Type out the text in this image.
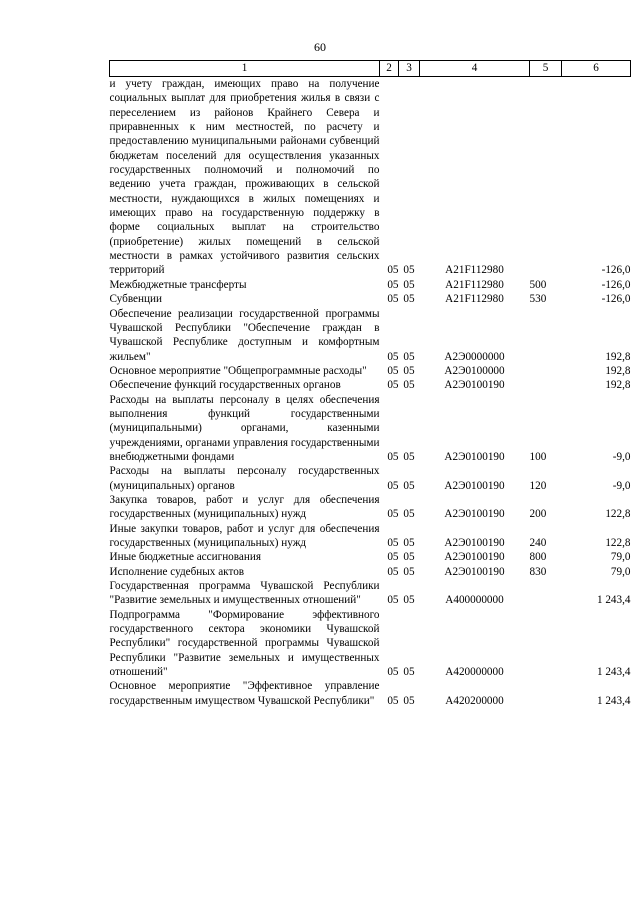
60
1	2	3	4	5	6
и учету граждан, имеющих право на получение социальных выплат для приобретения жилья в связи с переселением из районов Крайнего Севера и приравненных к ним местностей, по расчету и предоставлению муниципальными районами субвенций бюджетам поселений для осуществления указанных государственных полномочий и полномочий по ведению учета граждан, проживающих в сельской местности, нуждающихся в жилых помещениях и имеющих право на государственную поддержку в форме социальных выплат на строительство (приобретение) жилых помещений в сельской местности в рамках устойчивого развития сельских территорий	05	05	A21F112980		-126,0
Межбюджетные трансферты	05	05	A21F112980	500	-126,0
Субвенции	05	05	A21F112980	530	-126,0
Обеспечение реализации государственной программы Чувашской Республики "Обеспечение граждан в Чувашской Республике доступным и комфортным жильем"	05	05	A2Э0000000		192,8
Основное мероприятие "Общепрограммные расходы"	05	05	A2Э0100000		192,8
Обеспечение функций государственных органов	05	05	A2Э0100190		192,8
Расходы на выплаты персоналу в целях обеспечения выполнения функций государственными (муниципальными) органами, казенными учреждениями, органами управления государственными внебюджетными фондами	05	05	A2Э0100190	100	-9,0
Расходы на выплаты персоналу государственных (муниципальных) органов	05	05	A2Э0100190	120	-9,0
Закупка товаров, работ и услуг для обеспечения государственных (муниципальных) нужд	05	05	A2Э0100190	200	122,8
Иные закупки товаров, работ и услуг для обеспечения государственных (муниципальных) нужд	05	05	A2Э0100190	240	122,8
Иные бюджетные ассигнования	05	05	A2Э0100190	800	79,0
Исполнение судебных актов	05	05	A2Э0100190	830	79,0
Государственная программа Чувашской Республики "Развитие земельных и имущественных отношений"	05	05	A400000000		1 243,4
Подпрограмма "Формирование эффективного государственного сектора экономики Чувашской Республики" государственной программы Чувашской Республики "Развитие земельных и имущественных отношений"	05	05	A420000000		1 243,4
Основное мероприятие "Эффективное управление государственным имуществом Чувашской Республики"	05	05	A420200000		1 243,4
